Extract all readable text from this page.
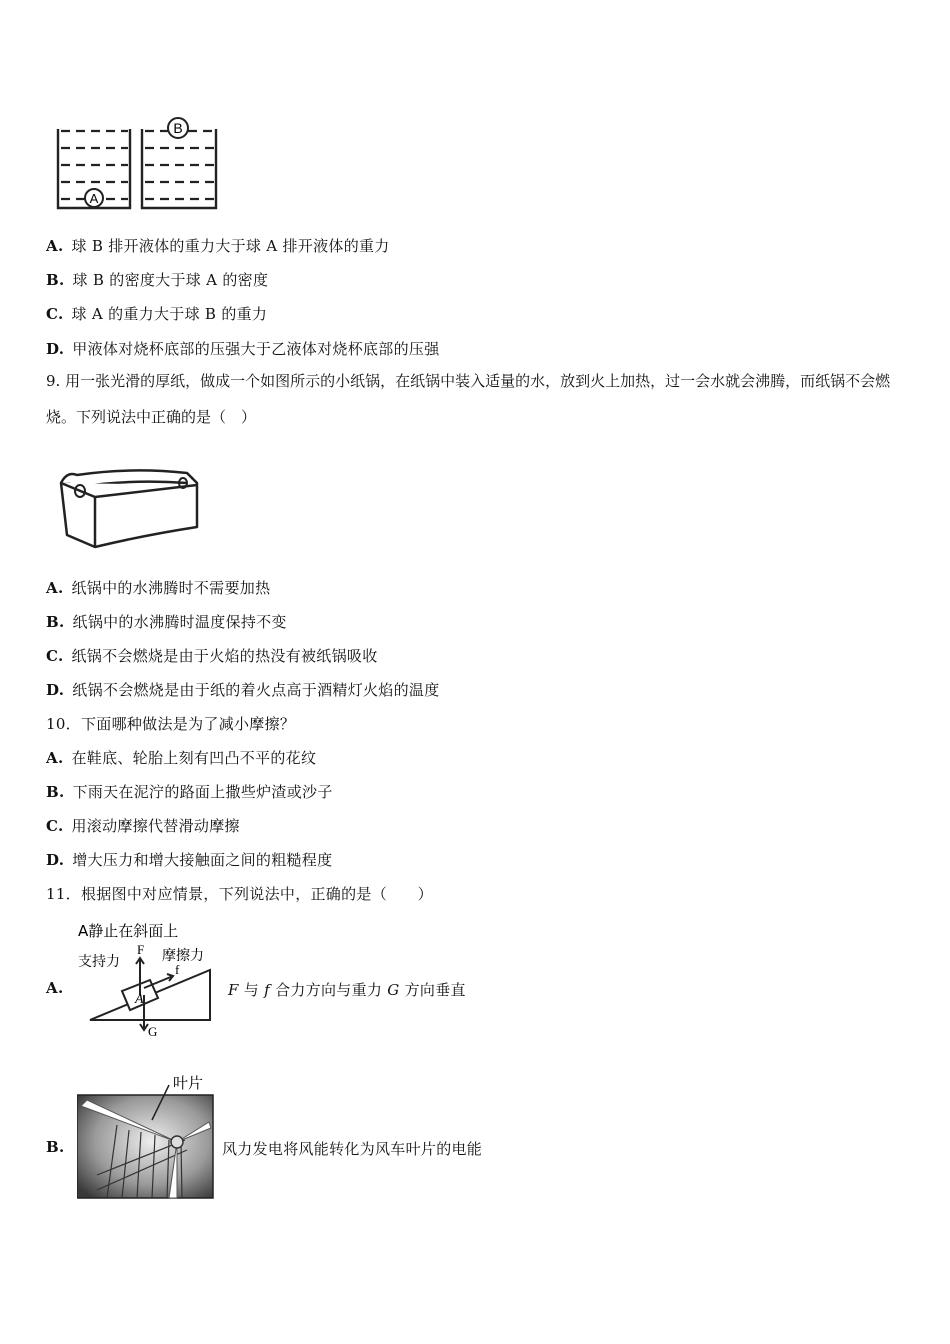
A
B
A. 球 B 排开液体的重力大于球 A 排开液体的重力
B. 球 B 的密度大于球 A 的密度
C. 球 A 的重力大于球 B 的重力
D. 甲液体对烧杯底部的压强大于乙液体对烧杯底部的压强
9. 用一张光滑的厚纸，做成一个如图所示的小纸锅，在纸锅中装入适量的水，放到火上加热，过一会水就会沸腾，而纸锅不会燃烧。下列说法中正确的是（　）
A. 纸锅中的水沸腾时不需要加热
B. 纸锅中的水沸腾时温度保持不变
C. 纸锅不会燃烧是由于火焰的热没有被纸锅吸收
D. 纸锅不会燃烧是由于纸的着火点高于酒精灯火焰的温度
10．下面哪种做法是为了减小摩擦？
A. 在鞋底、轮胎上刻有凹凸不平的花纹
B. 下雨天在泥泞的路面上撒些炉渣或沙子
C. 用滚动摩擦代替滑动摩擦
D. 增大压力和增大接触面之间的粗糙程度
11．根据图中对应情景，下列说法中，正确的是（　　）
A.
A静止在斜面上
支持力
F 摩擦力
f
A
G
F 与 f 合力方向与重力 G 方向垂直
B.
叶片
风力发电将风能转化为风车叶片的电能
